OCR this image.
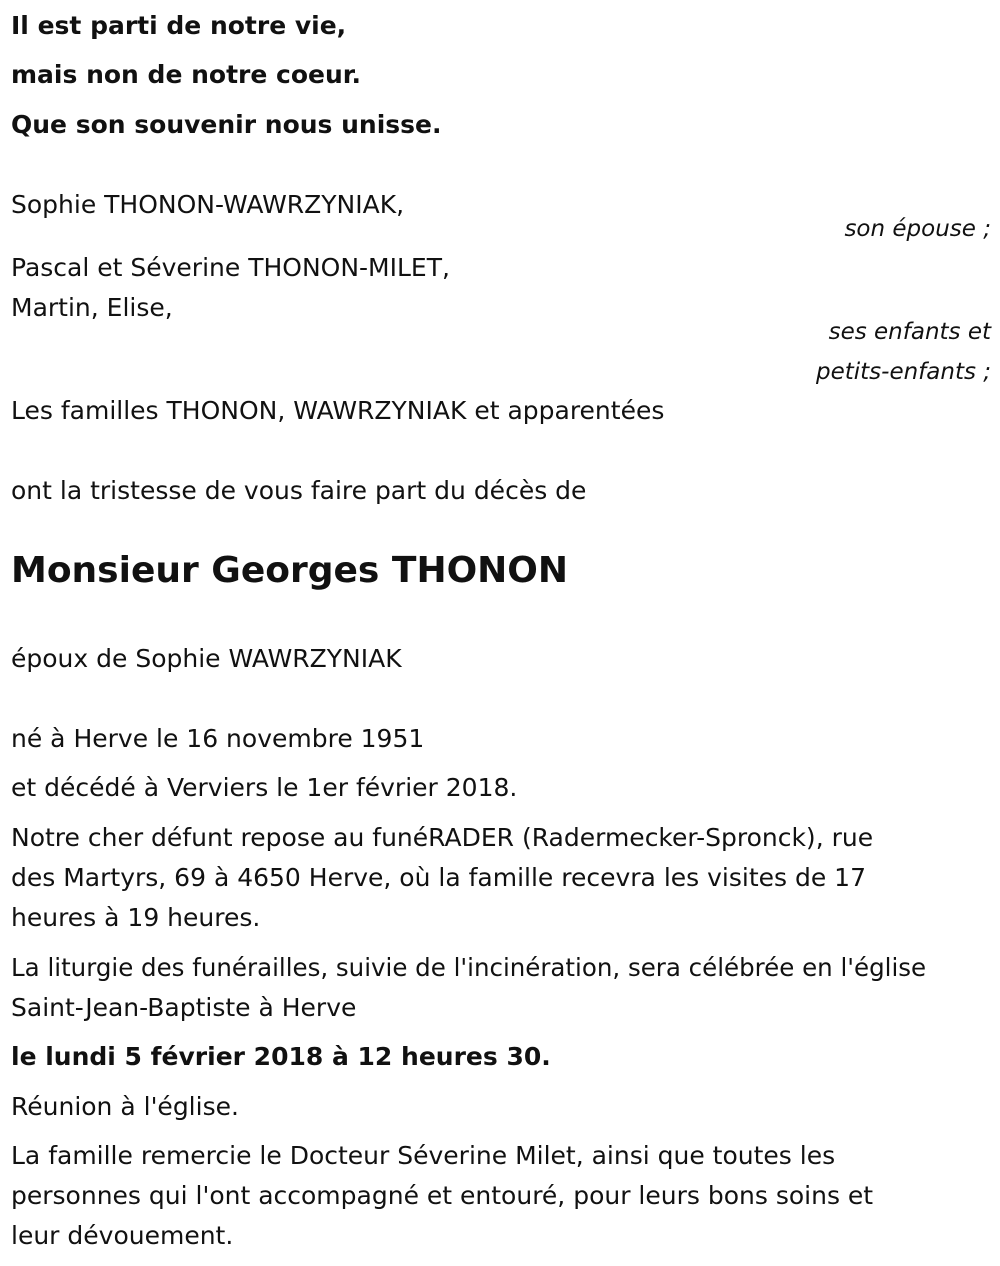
Il est parti de notre vie,
mais non de notre coeur.
Que son souvenir nous unisse.
Sophie THONON-WAWRZYNIAK,
son épouse ;
Pascal et Séverine THONON-MILET,
Martin, Elise,
ses enfants et
petits-enfants ;
Les familles THONON, WAWRZYNIAK et apparentées
ont la tristesse de vous faire part du décès de
Monsieur Georges THONON
époux de Sophie WAWRZYNIAK
né à Herve le 16 novembre 1951
et décédé à Verviers le 1er février 2018.
Notre cher défunt repose au funéRADER (Radermecker-Spronck), rue
des Martyrs, 69 à 4650 Herve, où la famille recevra les visites de 17
heures à 19 heures.
La liturgie des funérailles, suivie de l'incinération, sera célébrée en l'église
Saint-Jean-Baptiste à Herve
le lundi 5 février 2018 à 12 heures 30.
Réunion à l'église.
La famille remercie le Docteur Séverine Milet, ainsi que toutes les
personnes qui l'ont accompagné et entouré, pour leurs bons soins et
leur dévouement.
